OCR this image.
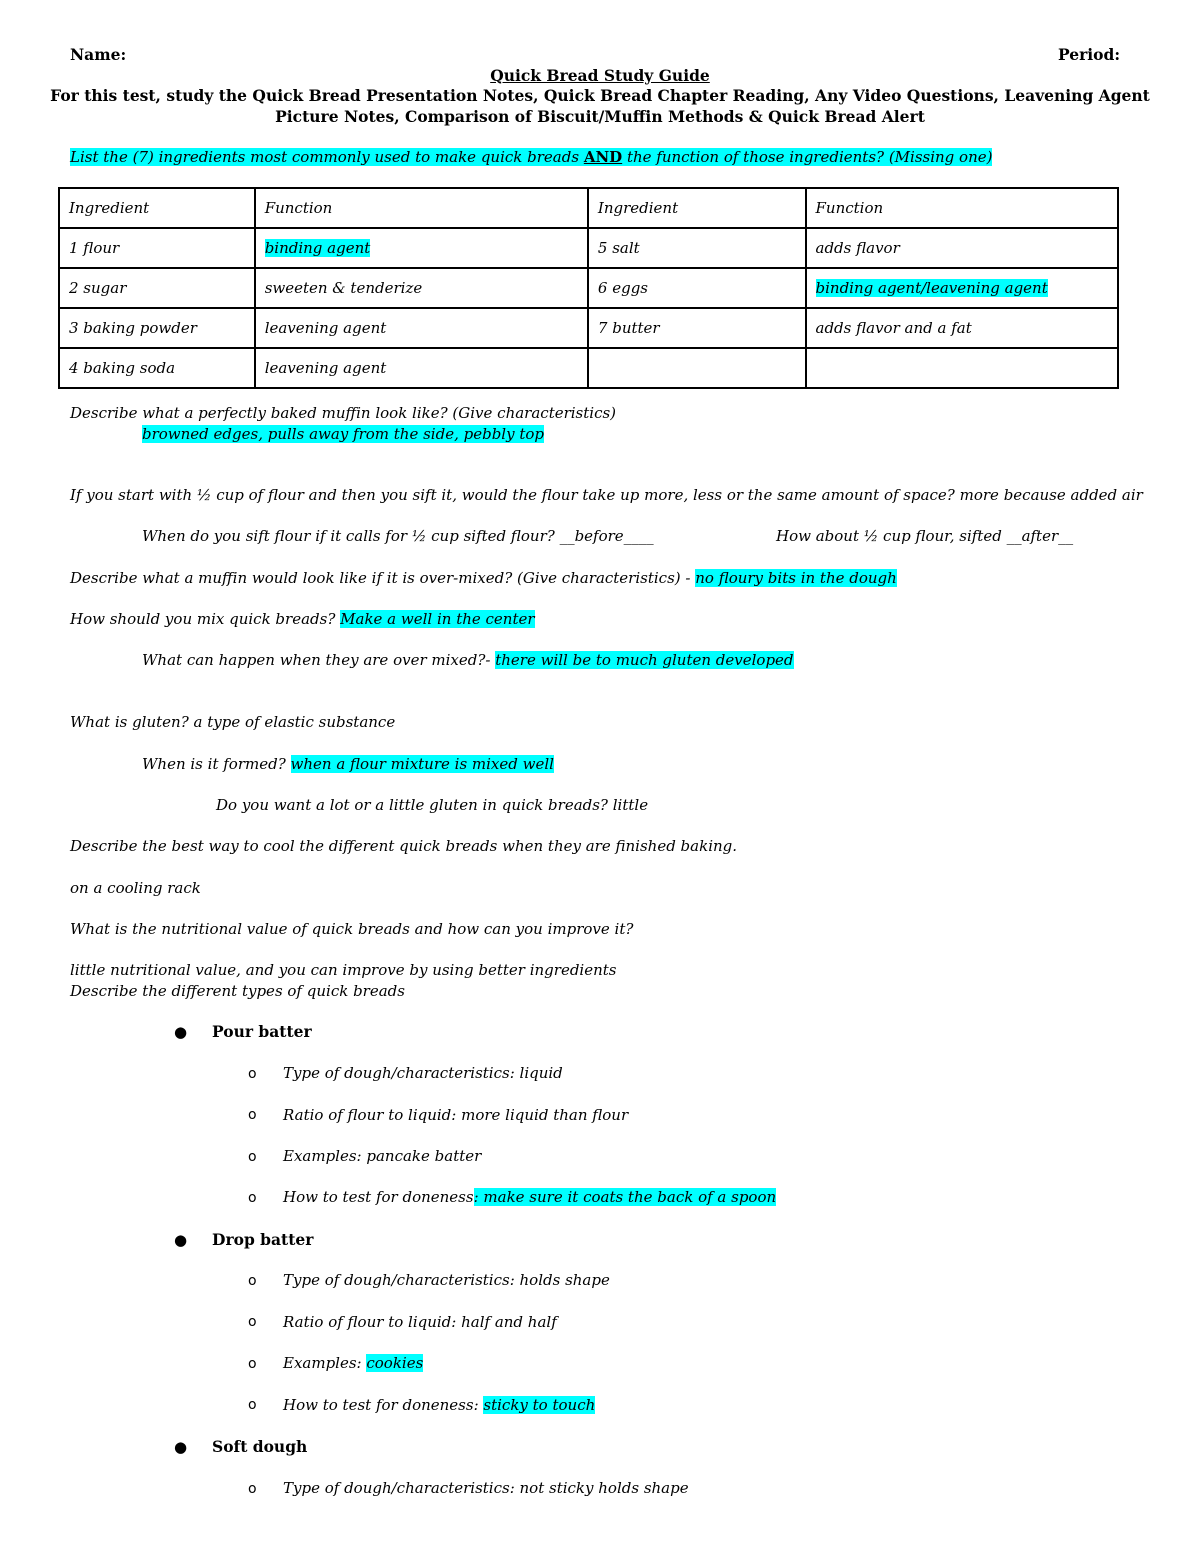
Name:	Period:
Quick Bread Study Guide
For this test, study the Quick Bread Presentation Notes, Quick Bread Chapter Reading, Any Video Questions, Leavening Agent
Picture Notes, Comparison of Biscuit/Muffin Methods & Quick Bread Alert
List the (7) ingredients most commonly used to make quick breads AND the function of those ingredients? (Missing one)
Ingredient	Function	Ingredient	Function
1 flour	binding agent	5 salt	adds flavor
2 sugar	sweeten & tenderize	6 eggs	binding agent/leavening agent
3 baking powder	leavening agent	7 butter	adds flavor and a fat
4 baking soda	leavening agent		
Describe what a perfectly baked muffin look like? (Give characteristics)
browned edges, pulls away from the side, pebbly top
If you start with ½ cup of flour and then you sift it, would the flour take up more, less or the same amount of space? more because added air
When do you sift flour if it calls for ½ cup sifted flour? __before____	How about ½ cup flour, sifted __after__
Describe what a muffin would look like if it is over-mixed? (Give characteristics) - no floury bits in the dough
How should you mix quick breads? Make a well in the center
What can happen when they are over mixed?- there will be to much gluten developed
What is gluten? a type of elastic substance
When is it formed? when a flour mixture is mixed well
Do you want a lot or a little gluten in quick breads? little
Describe the best way to cool the different quick breads when they are finished baking.
on a cooling rack
What is the nutritional value of quick breads and how can you improve it?
little nutritional value, and you can improve by using better ingredients
Describe the different types of quick breads
● Pour batter
o Type of dough/characteristics: liquid
o Ratio of flour to liquid: more liquid than flour
o Examples: pancake batter
o How to test for doneness: make sure it coats the back of a spoon
● Drop batter
o Type of dough/characteristics: holds shape
o Ratio of flour to liquid: half and half
o Examples: cookies
o How to test for doneness: sticky to touch
● Soft dough
o Type of dough/characteristics: not sticky holds shape
